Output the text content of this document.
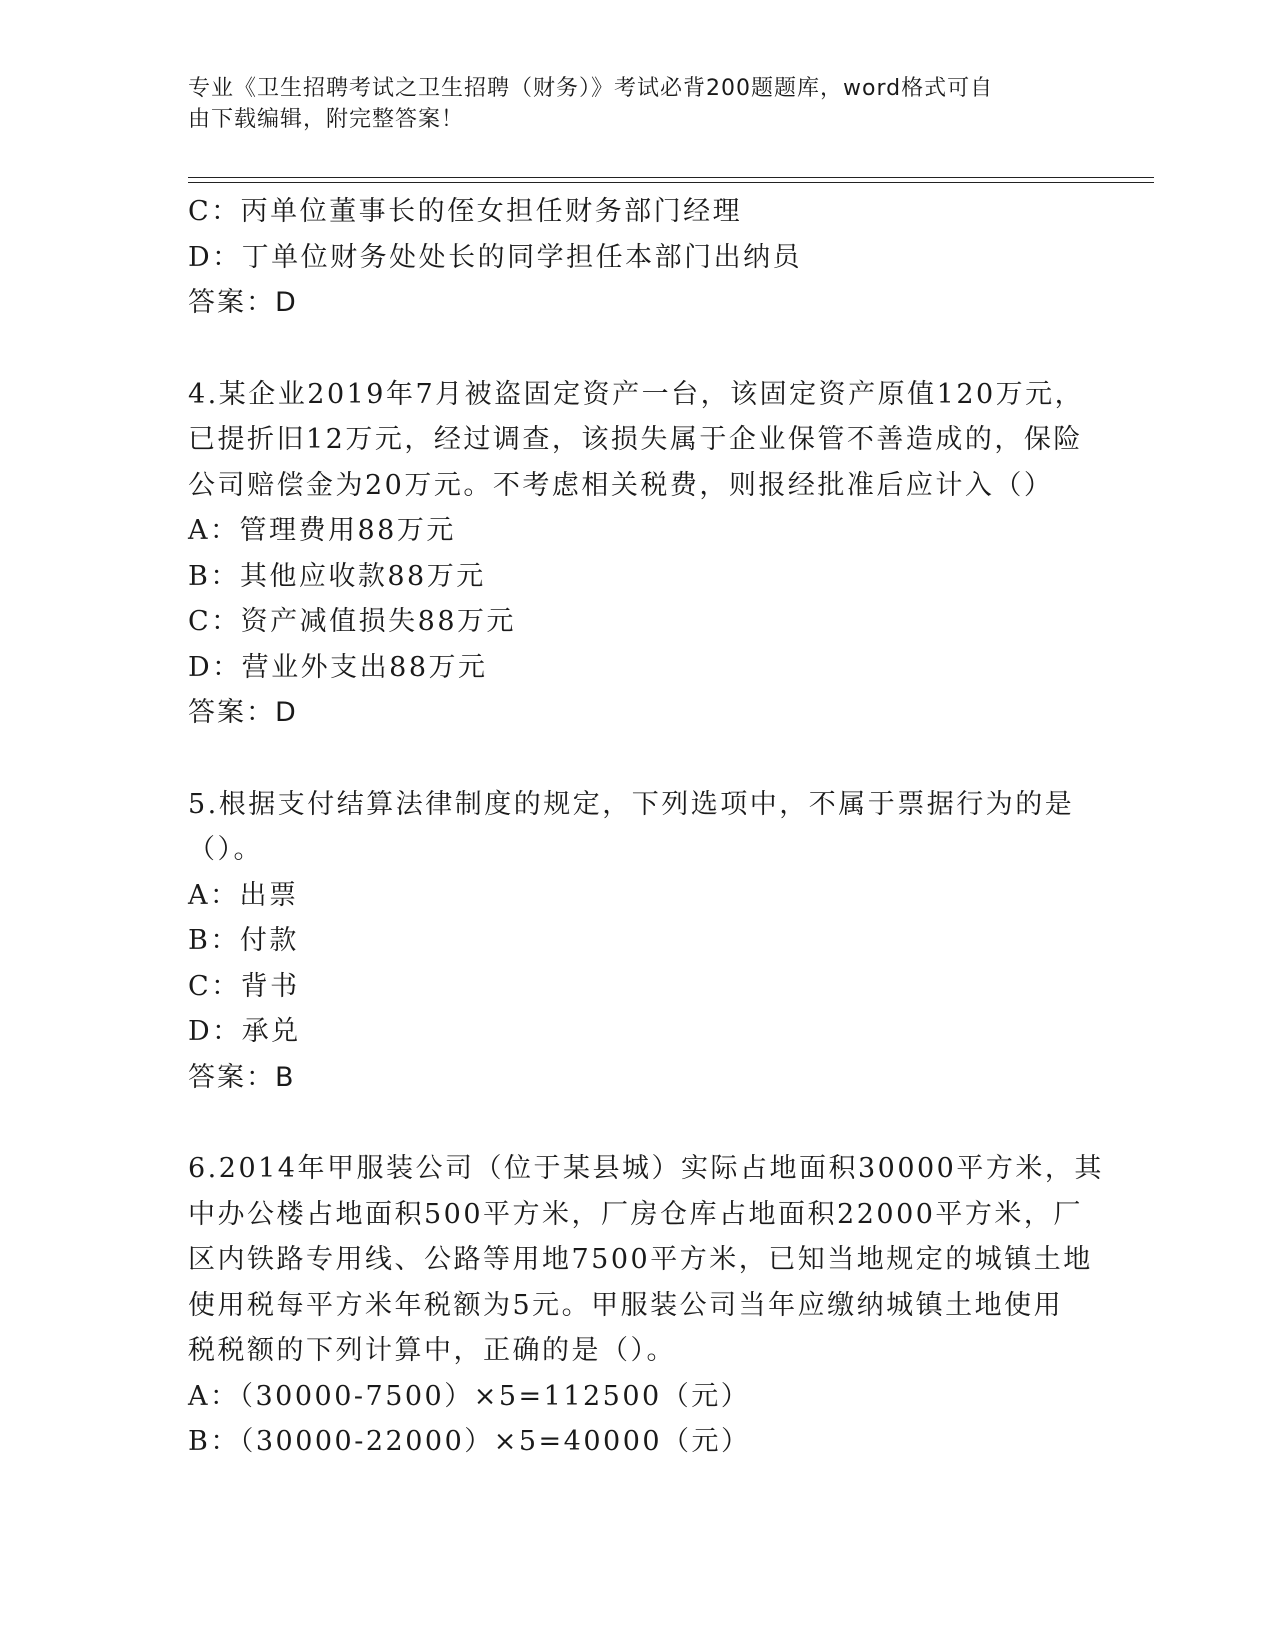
专业《卫生招聘考试之卫生招聘（财务）》考试必背200题题库，word格式可自
由下载编辑，附完整答案！
C：丙单位董事长的侄女担任财务部门经理
D：丁单位财务处处长的同学担任本部门出纳员
答案：D
4.某企业2019年7月被盗固定资产一台，该固定资产原值120万元，
已提折旧12万元，经过调查，该损失属于企业保管不善造成的，保险
公司赔偿金为20万元。不考虑相关税费，则报经批准后应计入（）
A：管理费用88万元
B：其他应收款88万元
C：资产减值损失88万元
D：营业外支出88万元
答案：D
5.根据支付结算法律制度的规定，下列选项中，不属于票据行为的是
（）。
A：出票
B：付款
C：背书
D：承兑
答案：B
6.2014年甲服装公司（位于某县城）实际占地面积30000平方米，其
中办公楼占地面积500平方米，厂房仓库占地面积22000平方米，厂
区内铁路专用线、公路等用地7500平方米，已知当地规定的城镇土地
使用税每平方米年税额为5元。甲服装公司当年应缴纳城镇土地使用
税税额的下列计算中，正确的是（）。
A：（30000-7500）×5=112500（元）
B：（30000-22000）×5=40000（元）
